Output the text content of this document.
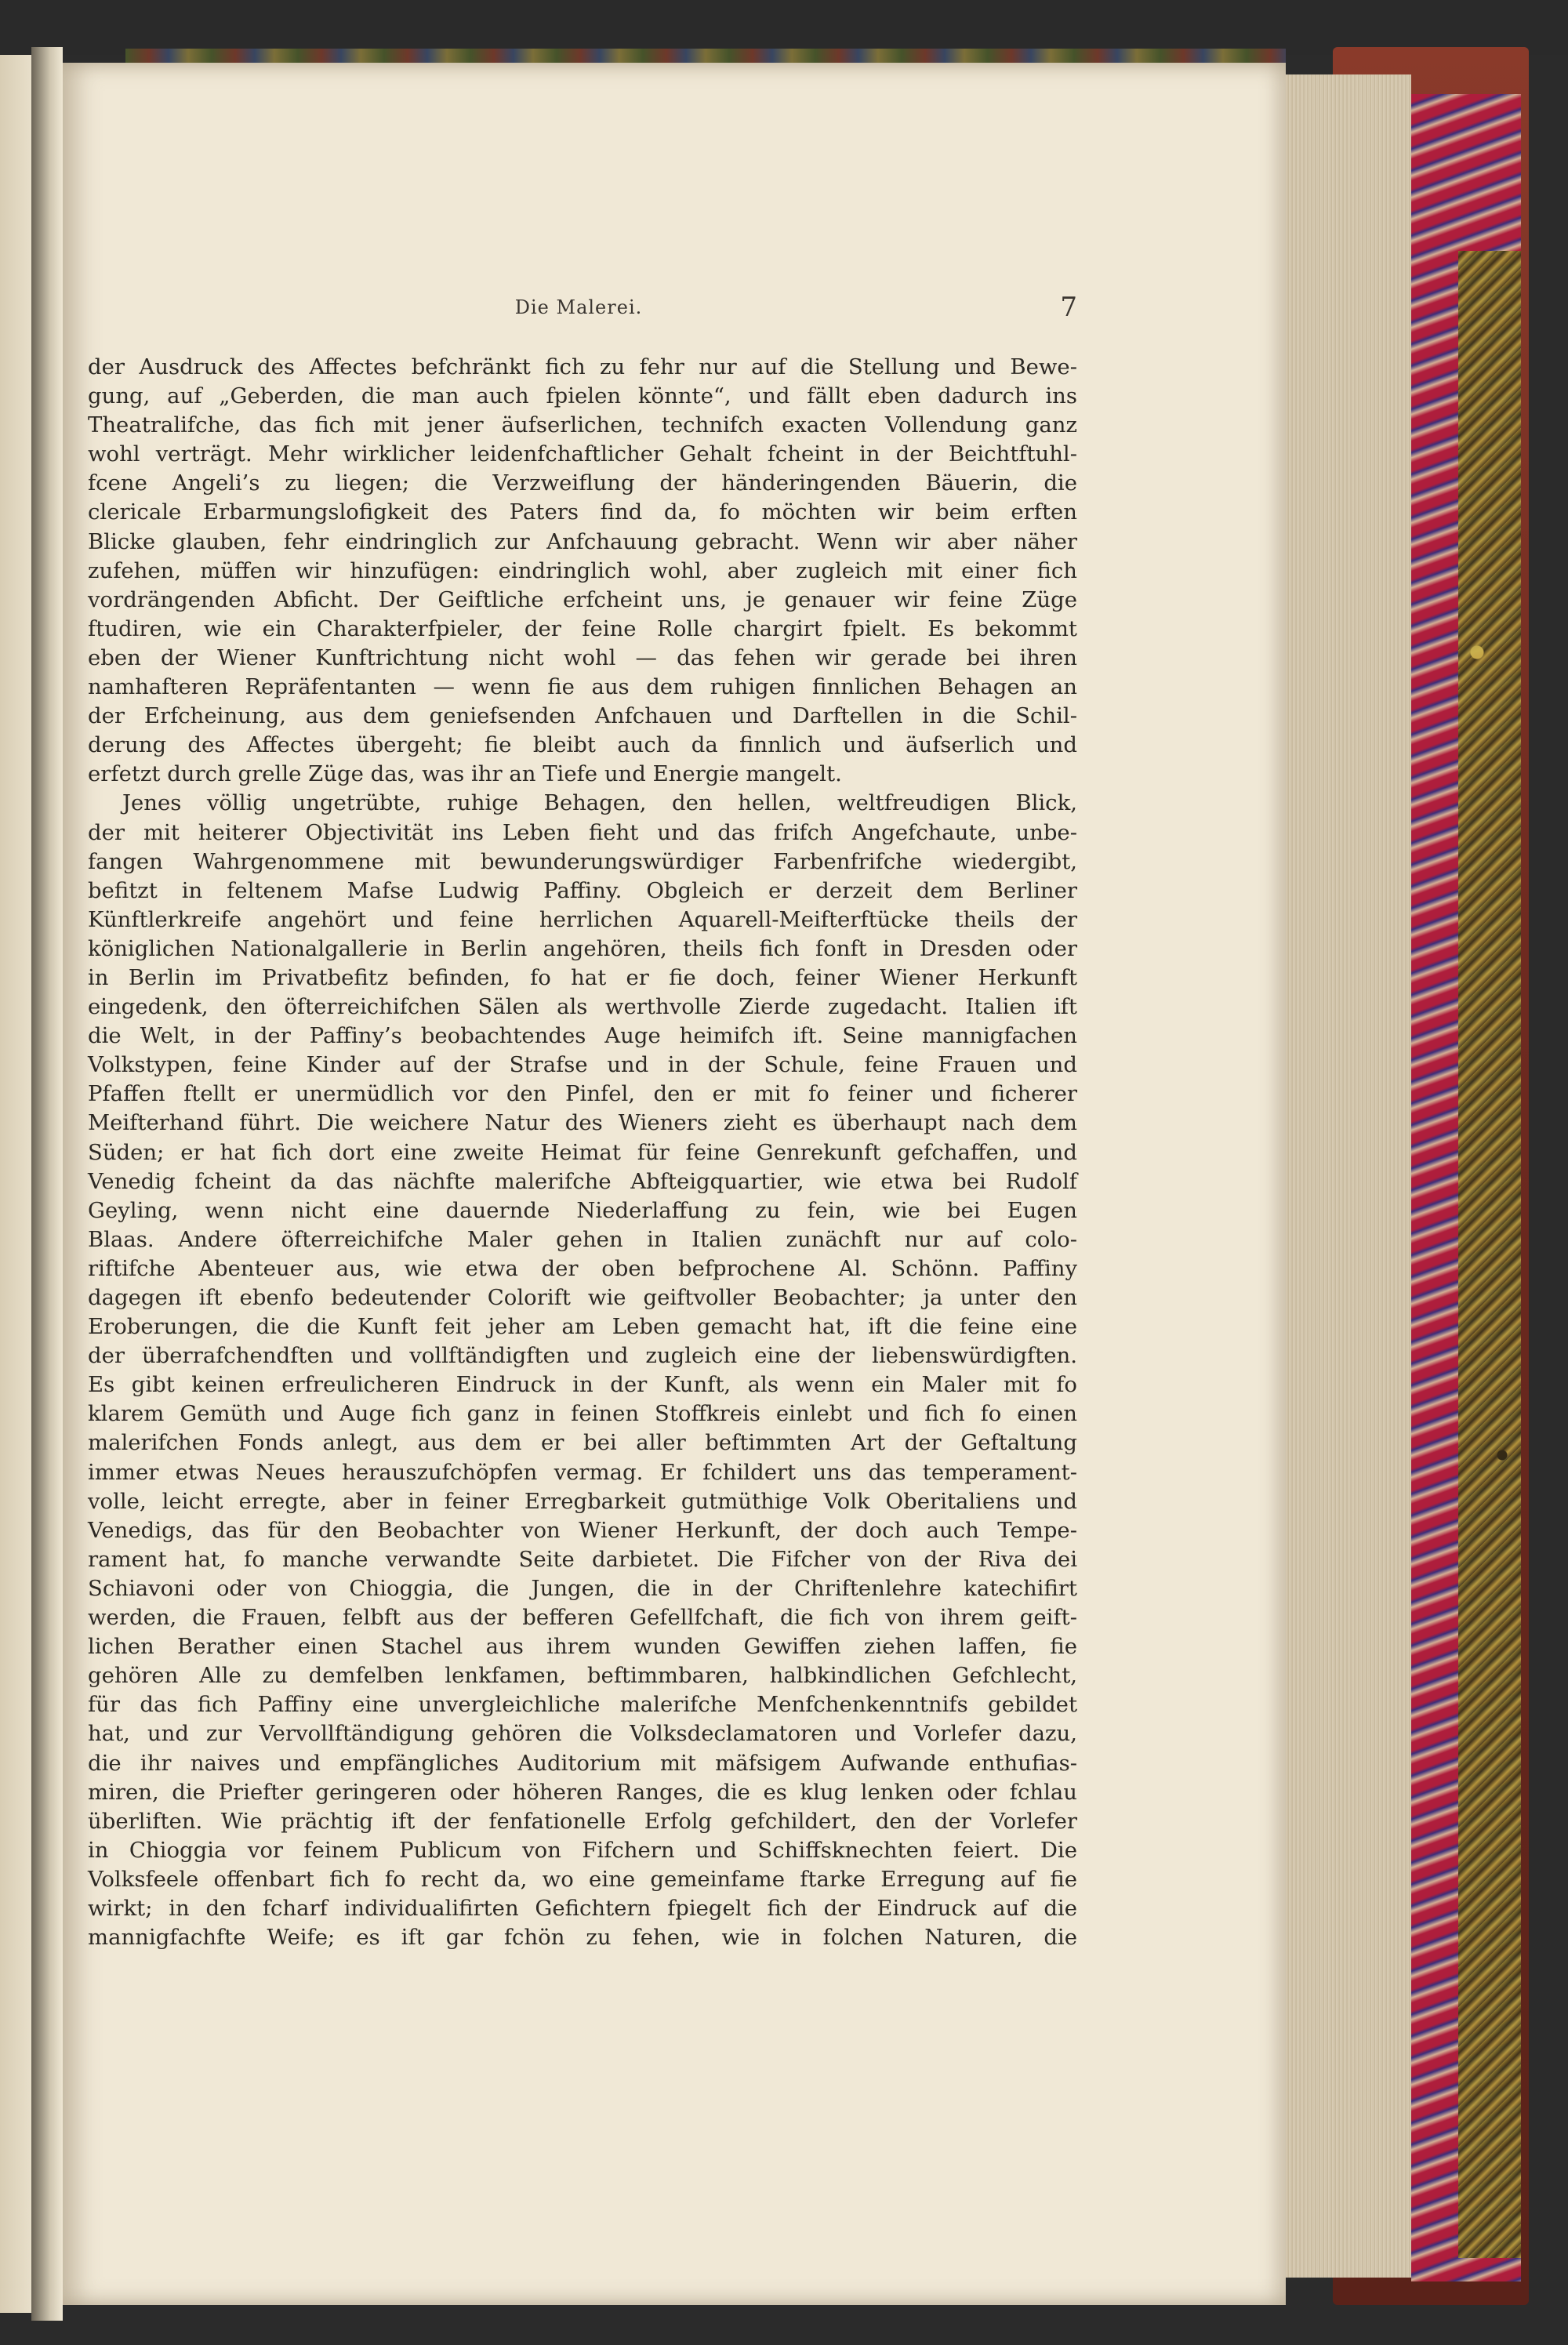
Die Malerei.	7
der Ausdruck des Affectes befchränkt fich zu fehr nur auf die Stellung und Bewe-
gung, auf „Geberden, die man auch fpielen könnte“, und fällt eben dadurch ins
Theatralifche, das fich mit jener äufserlichen, technifch exacten Vollendung ganz
wohl verträgt. Mehr wirklicher leidenfchaftlicher Gehalt fcheint in der Beichtftuhl-
fcene Angeli’s zu liegen; die Verzweiflung der händeringenden Bäuerin, die
clericale Erbarmungslofigkeit des Paters find da, fo möchten wir beim erften
Blicke glauben, fehr eindringlich zur Anfchauung gebracht. Wenn wir aber näher
zufehen, müffen wir hinzufügen: eindringlich wohl, aber zugleich mit einer fich
vordrängenden Abficht. Der Geiftliche erfcheint uns, je genauer wir feine Züge
ftudiren, wie ein Charakterfpieler, der feine Rolle chargirt fpielt. Es bekommt
eben der Wiener Kunftrichtung nicht wohl — das fehen wir gerade bei ihren
namhafteren Repräfentanten — wenn fie aus dem ruhigen finnlichen Behagen an
der Erfcheinung, aus dem geniefsenden Anfchauen und Darftellen in die Schil-
derung des Affectes übergeht; fie bleibt auch da finnlich und äufserlich und
erfetzt durch grelle Züge das, was ihr an Tiefe und Energie mangelt.
Jenes völlig ungetrübte, ruhige Behagen, den hellen, weltfreudigen Blick,
der mit heiterer Objectivität ins Leben fieht und das frifch Angefchaute, unbe-
fangen Wahrgenommene mit bewunderungswürdiger Farbenfrifche wiedergibt,
befitzt in feltenem Mafse Ludwig Paffiny. Obgleich er derzeit dem Berliner
Künftlerkreife angehört und feine herrlichen Aquarell-Meifterftücke theils der
königlichen Nationalgallerie in Berlin angehören, theils fich fonft in Dresden oder
in Berlin im Privatbefitz befinden, fo hat er fie doch, feiner Wiener Herkunft
eingedenk, den öfterreichifchen Sälen als werthvolle Zierde zugedacht. Italien ift
die Welt, in der Paffiny’s beobachtendes Auge heimifch ift. Seine mannigfachen
Volkstypen, feine Kinder auf der Strafse und in der Schule, feine Frauen und
Pfaffen ftellt er unermüdlich vor den Pinfel, den er mit fo feiner und ficherer
Meifterhand führt. Die weichere Natur des Wieners zieht es überhaupt nach dem
Süden; er hat fich dort eine zweite Heimat für feine Genrekunft gefchaffen, und
Venedig fcheint da das nächfte malerifche Abfteigquartier, wie etwa bei Rudolf
Geyling, wenn nicht eine dauernde Niederlaffung zu fein, wie bei Eugen
Blaas. Andere öfterreichifche Maler gehen in Italien zunächft nur auf colo-
riftifche Abenteuer aus, wie etwa der oben befprochene Al. Schönn. Paffiny
dagegen ift ebenfo bedeutender Colorift wie geiftvoller Beobachter; ja unter den
Eroberungen, die die Kunft feit jeher am Leben gemacht hat, ift die feine eine
der überrafchendften und vollftändigften und zugleich eine der liebenswürdigften.
Es gibt keinen erfreulicheren Eindruck in der Kunft, als wenn ein Maler mit fo
klarem Gemüth und Auge fich ganz in feinen Stoffkreis einlebt und fich fo einen
malerifchen Fonds anlegt, aus dem er bei aller beftimmten Art der Geftaltung
immer etwas Neues herauszufchöpfen vermag. Er fchildert uns das temperament-
volle, leicht erregte, aber in feiner Erregbarkeit gutmüthige Volk Oberitaliens und
Venedigs, das für den Beobachter von Wiener Herkunft, der doch auch Tempe-
rament hat, fo manche verwandte Seite darbietet. Die Fifcher von der Riva dei
Schiavoni oder von Chioggia, die Jungen, die in der Chriftenlehre katechifirt
werden, die Frauen, felbft aus der befferen Gefellfchaft, die fich von ihrem geift-
lichen Berather einen Stachel aus ihrem wunden Gewiffen ziehen laffen, fie
gehören Alle zu demfelben lenkfamen, beftimmbaren, halbkindlichen Gefchlecht,
für das fich Paffiny eine unvergleichliche malerifche Menfchenkenntnifs gebildet
hat, und zur Vervollftändigung gehören die Volksdeclamatoren und Vorlefer dazu,
die ihr naives und empfängliches Auditorium mit mäfsigem Aufwande enthufias-
miren, die Priefter geringeren oder höheren Ranges, die es klug lenken oder fchlau
überliften. Wie prächtig ift der fenfationelle Erfolg gefchildert, den der Vorlefer
in Chioggia vor feinem Publicum von Fifchern und Schiffsknechten feiert. Die
Volksfeele offenbart fich fo recht da, wo eine gemeinfame ftarke Erregung auf fie
wirkt; in den fcharf individualifirten Gefichtern fpiegelt fich der Eindruck auf die
mannigfachfte Weife; es ift gar fchön zu fehen, wie in folchen Naturen, die
